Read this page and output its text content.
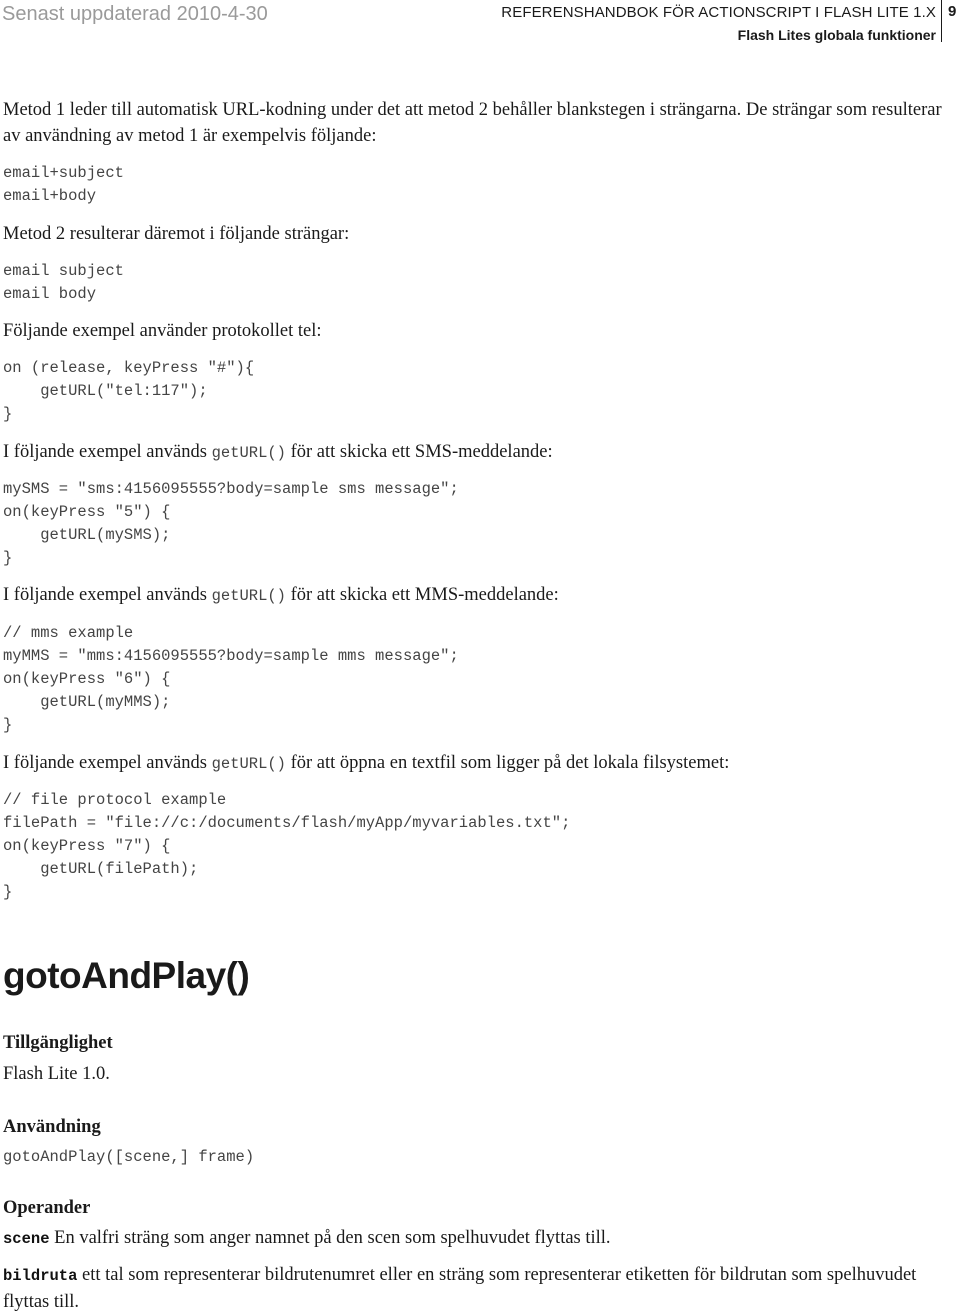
Senast uppdaterad 2010-4-30	REFERENSHANDBOK FÖR ACTIONSCRIPT I FLASH LITE 1.X
Flash Lites globala funktioner
9

Metod 1 leder till automatisk URL-kodning under det att metod 2 behåller blankstegen i strängarna. De strängar som resulterar av användning av metod 1 är exempelvis följande:

email+subject
email+body

Metod 2 resulterar däremot i följande strängar:

email subject
email body

Följande exempel använder protokollet tel:

on (release, keyPress "#"){
getURL("tel:117");
}

I följande exempel används getURL() för att skicka ett SMS-meddelande:

mySMS = "sms:4156095555?body=sample sms message";
on(keyPress "5") {
getURL(mySMS);
}

I följande exempel används getURL() för att skicka ett MMS-meddelande:

// mms example
myMMS = "mms:4156095555?body=sample mms message";
on(keyPress "6") {
getURL(myMMS);
}

I följande exempel används getURL() för att öppna en textfil som ligger på det lokala filsystemet:

// file protocol example
filePath = "file://c:/documents/flash/myApp/myvariables.txt";
on(keyPress "7") {
getURL(filePath);
}
gotoAndPlay()
Tillgänglighet

Flash Lite 1.0.

Användning
gotoAndPlay([scene,] frame)
Operander

scene En valfri sträng som anger namnet på den scen som spelhuvudet flyttas till.

bildruta ett tal som representerar bildrutenumret eller en sträng som representerar etiketten för bildrutan som spelhuvudet flyttas till.
